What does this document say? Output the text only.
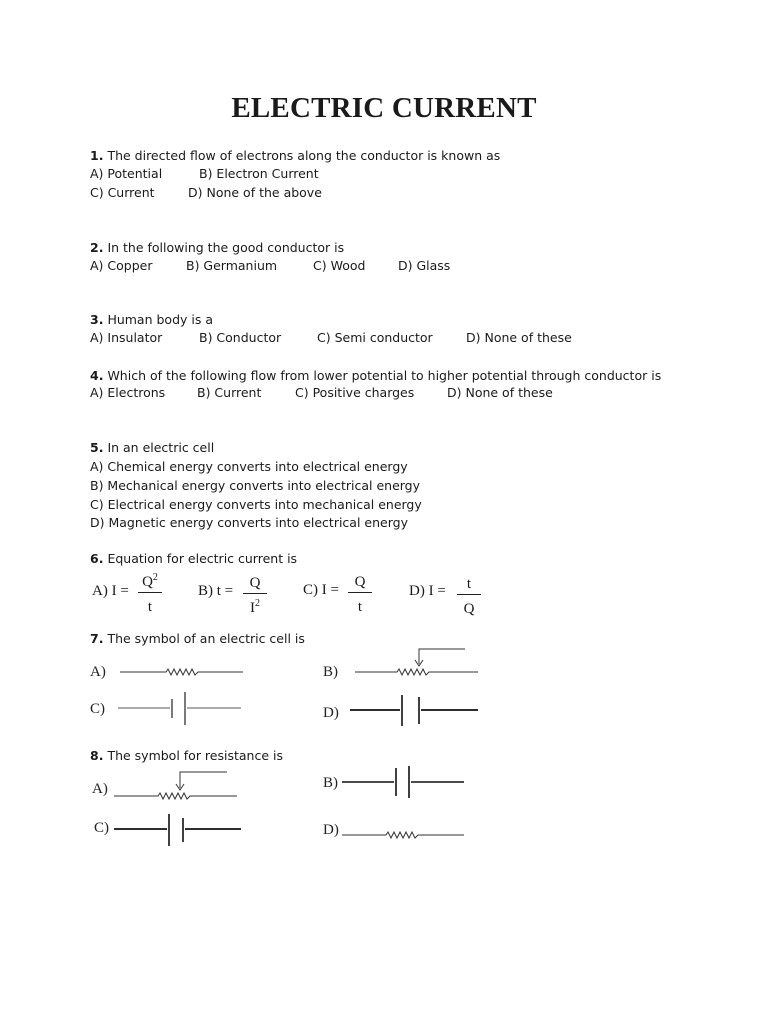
ELECTRIC CURRENT
1. The directed flow of electrons along the conductor is known as
A) Potential	B) Electron Current
C) Current	D) None of the above
2. In the following the good conductor is
A) Copper	B) Germanium	C) Wood	D) Glass
3. Human body is a
A) Insulator	B) Conductor	C) Semi conductor	D) None of these
4. Which of the following flow from lower potential to higher potential through conductor is
A) Electrons	B) Current	C) Positive charges	D) None of these
5. In an electric cell
A) Chemical energy converts into electrical energy
B) Mechanical energy converts into electrical energy
C) Electrical energy converts into mechanical energy
D) Magnetic energy converts into electrical energy
6. Equation for electric current is
A) I =
$Q^2$
t
B) t =	Q
$I^2$
C) I =	Q
t
D) I =	t
Q
7. The symbol of an electric cell is
A)	B)
C)	D)
8. The symbol for resistance is
A)	B)
C)	D)
